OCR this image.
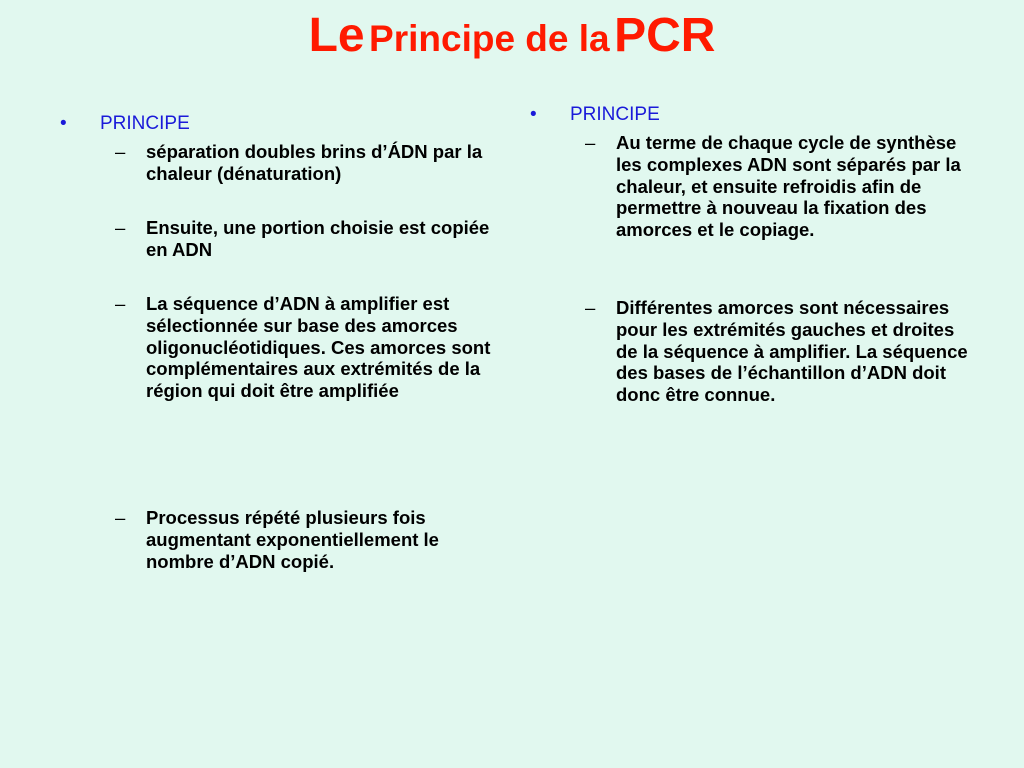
Le Principe de la PCR
• PRINCIPE
– séparation doubles brins d’ÁDN par la chaleur (dénaturation)
– Ensuite, une portion choisie est copiée en ADN
– La séquence d’ADN à amplifier est sélectionnée sur base des amorces oligonucléotidiques. Ces amorces sont complémentaires aux extrémités de la région qui doit être amplifiée
– Processus répété plusieurs fois augmentant exponentiellement le nombre d’ADN copié.
• PRINCIPE
– Au terme de chaque cycle de synthèse les complexes ADN sont séparés par la chaleur, et ensuite refroidis afin de permettre à nouveau la fixation des amorces et le copiage.
– Différentes amorces sont nécessaires pour les extrémités gauches et droites de la séquence à amplifier. La séquence des bases de l’échantillon d’ADN doit donc être connue.
